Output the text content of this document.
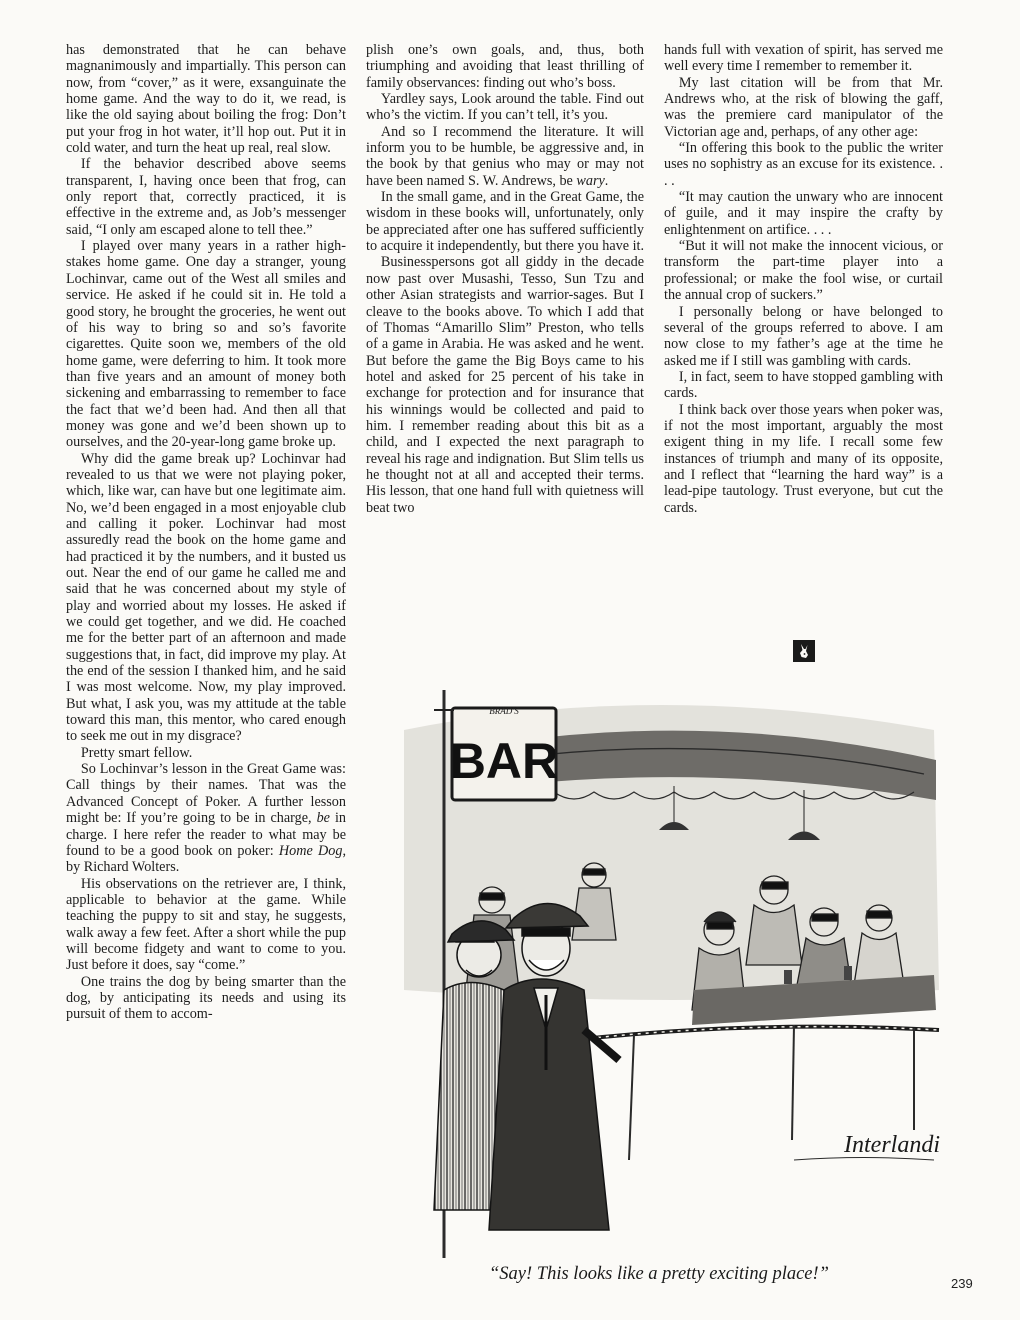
has demonstrated that he can behave magnanimously and impartially. This person can now, from “cover,” as it were, exsanguinate the home game. And the way to do it, we read, is like the old saying about boiling the frog: Don’t put your frog in hot water, it’ll hop out. Put it in cold water, and turn the heat up real, real slow.

If the behavior described above seems transparent, I, having once been that frog, can only report that, correctly practiced, it is effective in the extreme and, as Job’s messenger said, “I only am escaped alone to tell thee.”

I played over many years in a rather high-stakes home game. One day a stranger, young Lochinvar, came out of the West all smiles and service. He asked if he could sit in. He told a good story, he brought the groceries, he went out of his way to bring so and so’s favorite cigarettes. Quite soon we, members of the old home game, were deferring to him. It took more than five years and an amount of money both sickening and embarrassing to remember to face the fact that we’d been had. And then all that money was gone and we’d been shown up to ourselves, and the 20-year-long game broke up.

Why did the game break up? Lochinvar had revealed to us that we were not playing poker, which, like war, can have but one legitimate aim. No, we’d been engaged in a most enjoyable club and calling it poker. Lochinvar had most assuredly read the book on the home game and had practiced it by the numbers, and it busted us out. Near the end of our game he called me and said that he was concerned about my style of play and worried about my losses. He asked if we could get together, and we did. He coached me for the better part of an afternoon and made suggestions that, in fact, did improve my play. At the end of the session I thanked him, and he said I was most welcome. Now, my play improved. But what, I ask you, was my attitude at the table toward this man, this mentor, who cared enough to seek me out in my disgrace?

Pretty smart fellow.

So Lochinvar’s lesson in the Great Game was: Call things by their names. That was the Advanced Concept of Poker. A further lesson might be: If you’re going to be in charge, be in charge. I here refer the reader to what may be found to be a good book on poker: Home Dog, by Richard Wolters.

His observations on the retriever are, I think, applicable to behavior at the game. While teaching the puppy to sit and stay, he suggests, walk away a few feet. After a short while the pup will become fidgety and want to come to you. Just before it does, say “come.”

One trains the dog by being smarter than the dog, by anticipating its needs and using its pursuit of them to accom-

plish one’s own goals, and, thus, both triumphing and avoiding that least thrilling of family observances: finding out who’s boss.

Yardley says, Look around the table. Find out who’s the victim. If you can’t tell, it’s you.

And so I recommend the literature. It will inform you to be humble, be aggressive and, in the book by that genius who may or may not have been named S. W. Andrews, be wary.

In the small game, and in the Great Game, the wisdom in these books will, unfortunately, only be appreciated after one has suffered sufficiently to acquire it independently, but there you have it.

Businesspersons got all giddy in the decade now past over Musashi, Tesso, Sun Tzu and other Asian strategists and warrior-sages. But I cleave to the books above. To which I add that of Thomas “Amarillo Slim” Preston, who tells of a game in Arabia. He was asked and he went. But before the game the Big Boys came to his hotel and asked for 25 percent of his take in exchange for protection and for insurance that his winnings would be collected and paid to him. I remember reading about this bit as a child, and I expected the next paragraph to reveal his rage and indignation. But Slim tells us he thought not at all and accepted their terms. His lesson, that one hand full with quietness will beat two

hands full with vexation of spirit, has served me well every time I remember to remember it.

My last citation will be from that Mr. Andrews who, at the risk of blowing the gaff, was the premiere card manipulator of the Victorian age and, perhaps, of any other age:

“In offering this book to the public the writer uses no sophistry as an excuse for its existence. . . .

“It may caution the unwary who are innocent of guile, and it may inspire the crafty by enlightenment on artifice. . . .

“But it will not make the innocent vicious, or transform the part-time player into a professional; or make the fool wise, or curtail the annual crop of suckers.”

I personally belong or have belonged to several of the groups referred to above. I am now close to my father’s age at the time he asked me if I still was gambling with cards.

I, in fact, seem to have stopped gambling with cards.

I think back over those years when poker was, if not the most important, arguably the most exigent thing in my life. I recall some few instances of triumph and many of its opposite, and I reflect that “learning the hard way” is a lead-pipe tautology. Trust everyone, but cut the cards.

BRAD'S
BAR
Interlandi
“Say! This looks like a pretty exciting place!”	239
